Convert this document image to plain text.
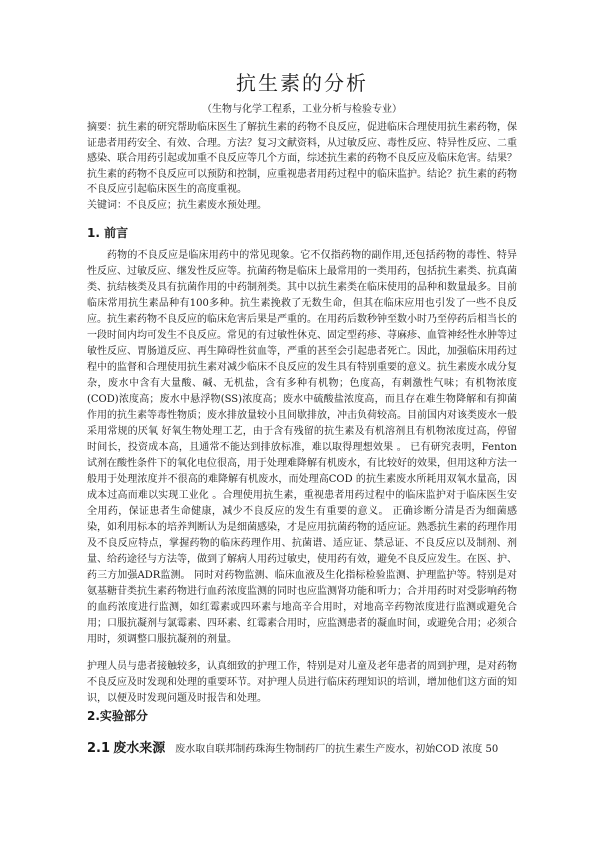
抗生素的分析
（生物与化学工程系，工业分析与检验专业）

摘要：抗生素的研究帮助临床医生了解抗生素的药物不良反应，促进临床合理使用抗生素药物，保证患者用药安全、有效、合理。方法？复习文献资料，从过敏反应、毒性反应、特异性反应、二重感染、联合用药引起或加重不良反应等几个方面，综述抗生素的药物不良反应及临床危害。结果？抗生素的药物不良反应可以预防和控制，应重视患者用药过程中的临床监护。结论？抗生素的药物不良反应引起临床医生的高度重视。

关键词：不良反应；抗生素废水预处理。

1. 前言

药物的不良反应是临床用药中的常见现象。它不仅指药物的副作用,还包括药物的毒性、特异性反应、过敏反应、继发性反应等。抗菌药物是临床上最常用的一类用药，包括抗生素类、抗真菌类、抗结核类及具有抗菌作用的中药制剂类。其中以抗生素类在临床使用的品种和数量最多。目前临床常用抗生素品种有100多种。抗生素挽救了无数生命，但其在临床应用也引发了一些不良反应。抗生素药物不良反应的临床危害后果是严重的。在用药后数秒钟至数小时乃至停药后相当长的一段时间内均可发生不良反应。常见的有过敏性休克、固定型药疹、荨麻疹、血管神经性水肿等过敏性反应、胃肠道反应、再生障碍性贫血等，严重的甚至会引起患者死亡。因此，加强临床用药过程中的监督和合理使用抗生素对减少临床不良反应的发生具有特别重要的意义。抗生素废水成分复杂，废水中含有大量酸、碱、无机盐，含有多种有机物；色度高，有刺激性气味；有机物浓度(COD)浓度高；废水中悬浮物(SS)浓度高；废水中硫酸盐浓度高，而且存在难生物降解和有抑菌作用的抗生素等毒性物质；废水排放量较小且间歇排放，冲击负荷较高。目前国内对该类废水一般采用常规的厌氧 好氧生物处理工艺，由于含有残留的抗生素及有机溶剂且有机物浓度过高，停留时间长，投资成本高，且通常不能达到排放标准，难以取得理想效果 。 已有研究表明，Fenton试剂在酸性条件下的氧化电位很高，用于处理难降解有机废水，有比较好的效果，但用这种方法一般用于处理浓度并不很高的难降解有机废水，而处理高COD 的抗生素废水所耗用双氧水量高，因成本过高而难以实现工业化 。合理使用抗生素，重视患者用药过程中的临床监护对于临床医生安全用药，保证患者生命健康，减少不良反应的发生有重要的意义。 正确诊断分清是否为细菌感染，如利用标本的培养判断认为是细菌感染，才是应用抗菌药物的适应证。熟悉抗生素的药理作用及不良反应特点，掌握药物的临床药理作用、抗菌谱、适应证、禁忌证、不良反应以及制剂、剂量、给药途径与方法等，做到了解病人用药过敏史，使用药有效，避免不良反应发生。在医、护、药三方加强ADR监测。 同时对药物监测、临床血液及生化指标检验监测、护理监护等。特别是对氨基糖苷类抗生素药物进行血药浓度监测的同时也应监测肾功能和听力；合并用药时对受影响药物的血药浓度进行监测，如红霉素或四环素与地高辛合用时，对地高辛药物浓度进行监测或避免合用；口服抗凝剂与氯霉素、四环素、红霉素合用时，应监测患者的凝血时间，或避免合用；必须合用时，须调整口服抗凝剂的剂量。

护理人员与患者接触较多，认真细致的护理工作，特别是对儿童及老年患者的周到护理，是对药物不良反应及时发现和处理的重要环节。对护理人员进行临床药理知识的培训，增加他们这方面的知识，以便及时发现问题及时报告和处理。

2.实验部分

2.1 废水来源 废水取自联邦制药珠海生物制药厂的抗生素生产废水，初始COD 浓度 50
